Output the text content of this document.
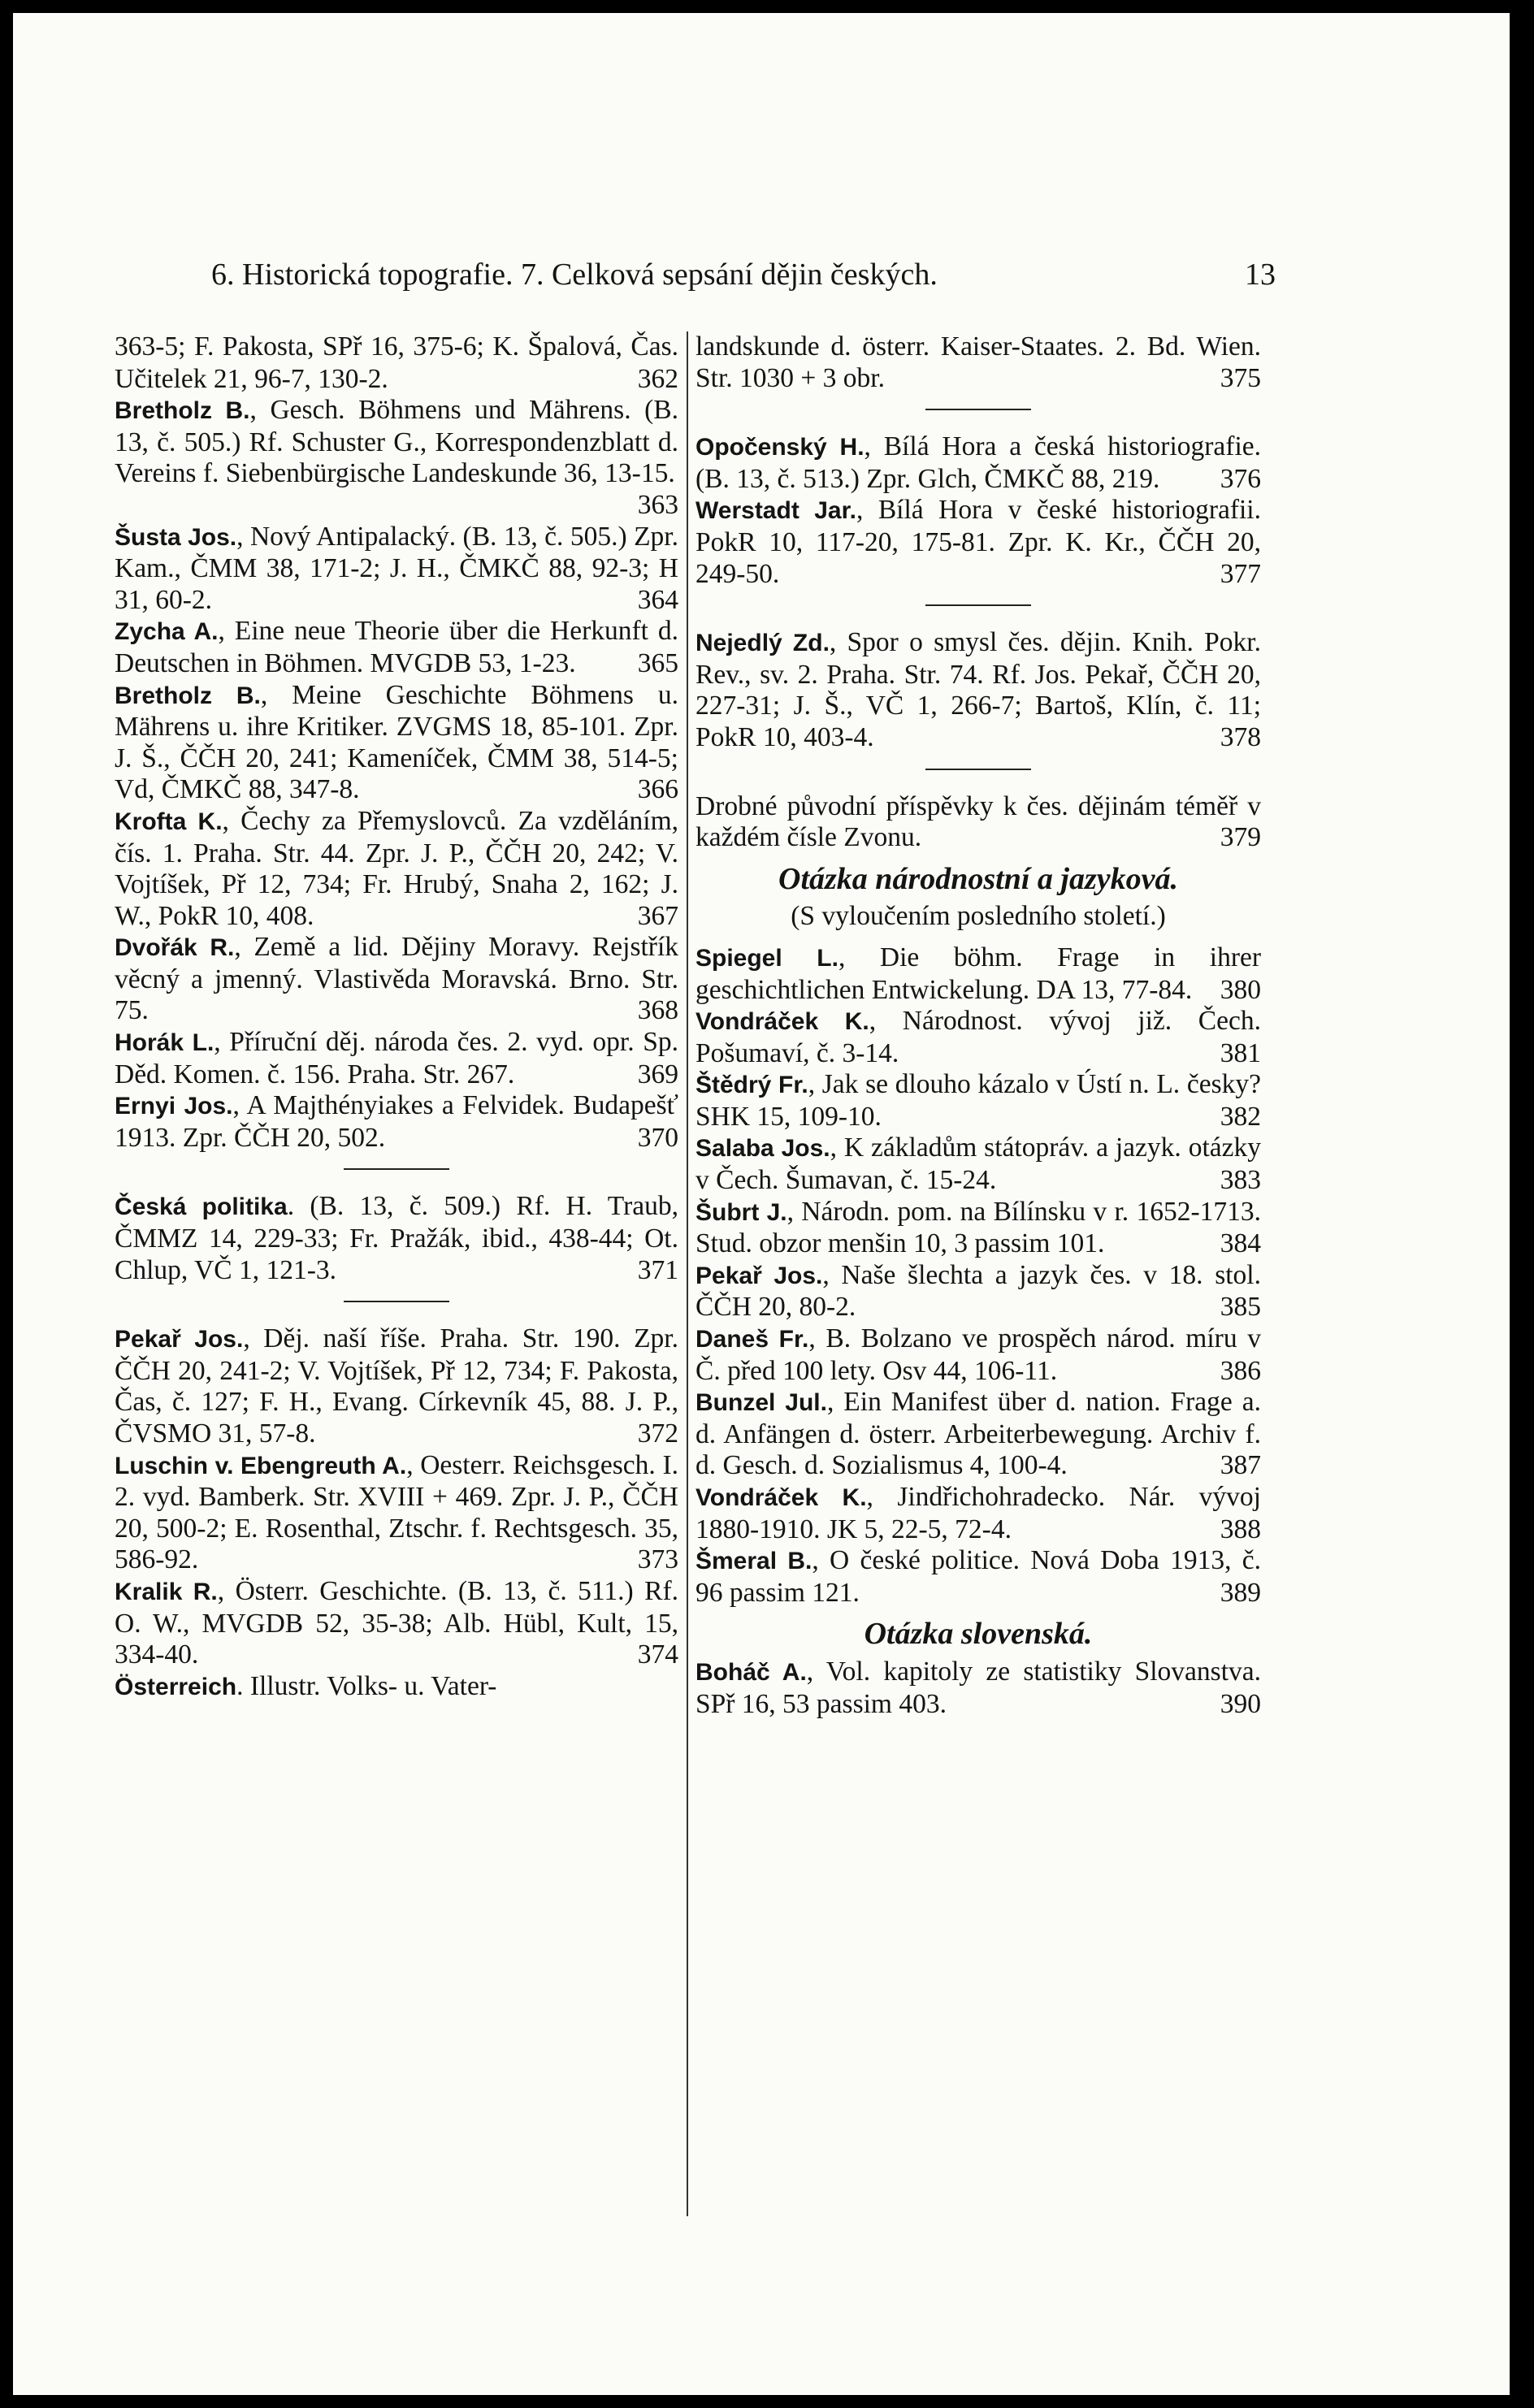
6. Historická topografie. 7. Celková sepsání dějin českých.	13

363-5; F. Pakosta, SPř 16, 375-6; K. Špalová, Čas. Učitelek 21, 96-7, 130-2.	362

Bretholz B., Gesch. Böhmens und Mährens. (B. 13, č. 505.) Rf. Schuster G., Korrespondenzblatt d. Vereins f. Siebenbürgische Landeskunde 36, 13-15.
363

Šusta Jos., Nový Antipalacký. (B. 13, č. 505.) Zpr. Kam., ČMM 38, 171-2; J. H., ČMKČ 88, 92-3; H 31, 60-2.	364

Zycha A., Eine neue Theorie über die Herkunft d. Deutschen in Böhmen. MVGDB 53, 1-23. 365

Bretholz B., Meine Geschichte Böhmens u. Mährens u. ihre Kritiker. ZVGMS 18, 85-101. Zpr. J. Š., ČČH 20, 241; Kameníček, ČMM 38, 514-5; Vd, ČMKČ 88, 347-8.	366

Krofta K., Čechy za Přemyslovců. Za vzděláním, čís. 1. Praha. Str. 44. Zpr. J. P., ČČH 20, 242; V. Vojtíšek, Př 12, 734; Fr. Hrubý, Snaha 2, 162; J. W., PokR 10, 408.	367

Dvořák R., Země a lid. Dějiny Moravy. Rejstřík věcný a jmenný. Vlastivěda Moravská. Brno. Str. 75.	368

Horák L., Příruční děj. národa čes. 2. vyd. opr. Sp. Děd. Komen. č. 156. Praha. Str. 267.	369

Ernyi Jos., A Majthényiakes a Felvidek. Budapešť 1913. Zpr. ČČH 20, 502.	370

Česká politika. (B. 13, č. 509.) Rf. H. Traub, ČMMZ 14, 229-33; Fr. Pražák, ibid., 438-44; Ot. Chlup, VČ 1, 121-3.	371

Pekař Jos., Děj. naší říše. Praha. Str. 190. Zpr. ČČH 20, 241-2; V. Vojtíšek, Př 12, 734; F. Pakosta, Čas, č. 127; F. H., Evang. Církevník 45, 88. J. P., ČVSMO 31, 57-8.	372

Luschin v. Ebengreuth A., Oesterr. Reichsgesch. I. 2. vyd. Bamberk. Str. XVIII + 469. Zpr. J. P., ČČH 20, 500-2; E. Rosenthal, Ztschr. f. Rechtsgesch. 35, 586-92.	373

Kralik R., Österr. Geschichte. (B. 13, č. 511.) Rf. O. W., MVGDB 52, 35-38; Alb. Hübl, Kult, 15, 334-40.	374

Österreich. Illustr. Volks- u. Vater-

landskunde d. österr. Kaiser-Staates. 2. Bd. Wien. Str. 1030 + 3 obr.	375

Opočenský H., Bílá Hora a česká historiografie. (B. 13, č. 513.) Zpr. Glch, ČMKČ 88, 219. 376

Werstadt Jar., Bílá Hora v české historiografii. PokR 10, 117-20, 175-81. Zpr. K. Kr., ČČH 20, 249-50.	377

Nejedlý Zd., Spor o smysl čes. dějin. Knih. Pokr. Rev., sv. 2. Praha. Str. 74. Rf. Jos. Pekař, ČČH 20, 227-31; J. Š., VČ 1, 266-7; Bartoš, Klín, č. 11; PokR 10, 403-4.	378

Drobné původní příspěvky k čes. dějinám téměř v každém čísle Zvonu.	379

Otázka národnostní a jazyková.
(S vyloučením posledního století.)

Spiegel L., Die böhm. Frage in ihrer geschichtlichen Entwickelung. DA 13, 77-84. 380

Vondráček K., Národnost. vývoj již. Čech. Pošumaví, č. 3-14.	381

Štědrý Fr., Jak se dlouho kázalo v Ústí n. L. česky? SHK 15, 109-10.	382

Salaba Jos., K základům státopráv. a jazyk. otázky v Čech. Šumavan, č. 15-24.	383

Šubrt J., Národn. pom. na Bílínsku v r. 1652-1713. Stud. obzor menšin 10, 3 passim 101.	384

Pekař Jos., Naše šlechta a jazyk čes. v 18. stol. ČČH 20, 80-2.	385

Daneš Fr., B. Bolzano ve prospěch národ. míru v Č. před 100 lety. Osv 44, 106-11.	386

Bunzel Jul., Ein Manifest über d. nation. Frage a. d. Anfängen d. österr. Arbeiterbewegung. Archiv f. d. Gesch. d. Sozialismus 4, 100-4.	387

Vondráček K., Jindřichohradecko. Nár. vývoj 1880-1910. JK 5, 22-5, 72-4.	388

Šmeral B., O české politice. Nová Doba 1913, č. 96 passim 121.	389

Otázka slovenská.

Boháč A., Vol. kapitoly ze statistiky Slovanstva. SPř 16, 53 passim 403.	390
